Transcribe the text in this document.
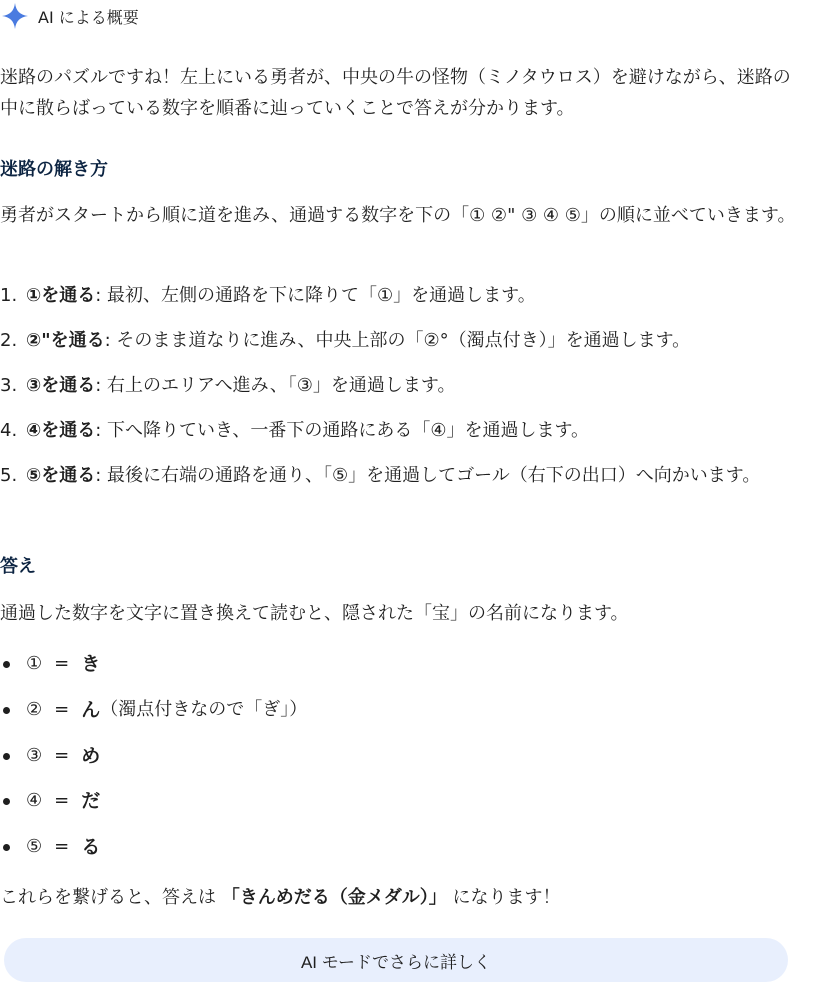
AI による概要

迷路のパズルですね！左上にいる勇者が、中央の牛の怪物（ミノタウロス）を避けながら、迷路の中に散らばっている数字を順番に辿っていくことで答えが分かります。

迷路の解き方

勇者がスタートから順に道を進み、通過する数字を下の「① ②" ③ ④ ⑤」の順に並べていきます。

1. ①を通る: 最初、左側の通路を下に降りて「①」を通過します。
2. ②"を通る: そのまま道なりに進み、中央上部の「②°（濁点付き）」を通過します。
3. ③を通る: 右上のエリアへ進み、「③」を通過します。
4. ④を通る: 下へ降りていき、一番下の通路にある「④」を通過します。
5. ⑤を通る: 最後に右端の通路を通り、「⑤」を通過してゴール（右下の出口）へ向かいます。
答え

通過した数字を文字に置き換えて読むと、隠された「宝」の名前になります。

① = き
② = ん （濁点付きなので「ぎ」）
③ = め
④ = だ
⑤ = る

これらを繋げると、答えは 「きんめだる（金メダル）」 になります！

AI モードでさらに詳しく
